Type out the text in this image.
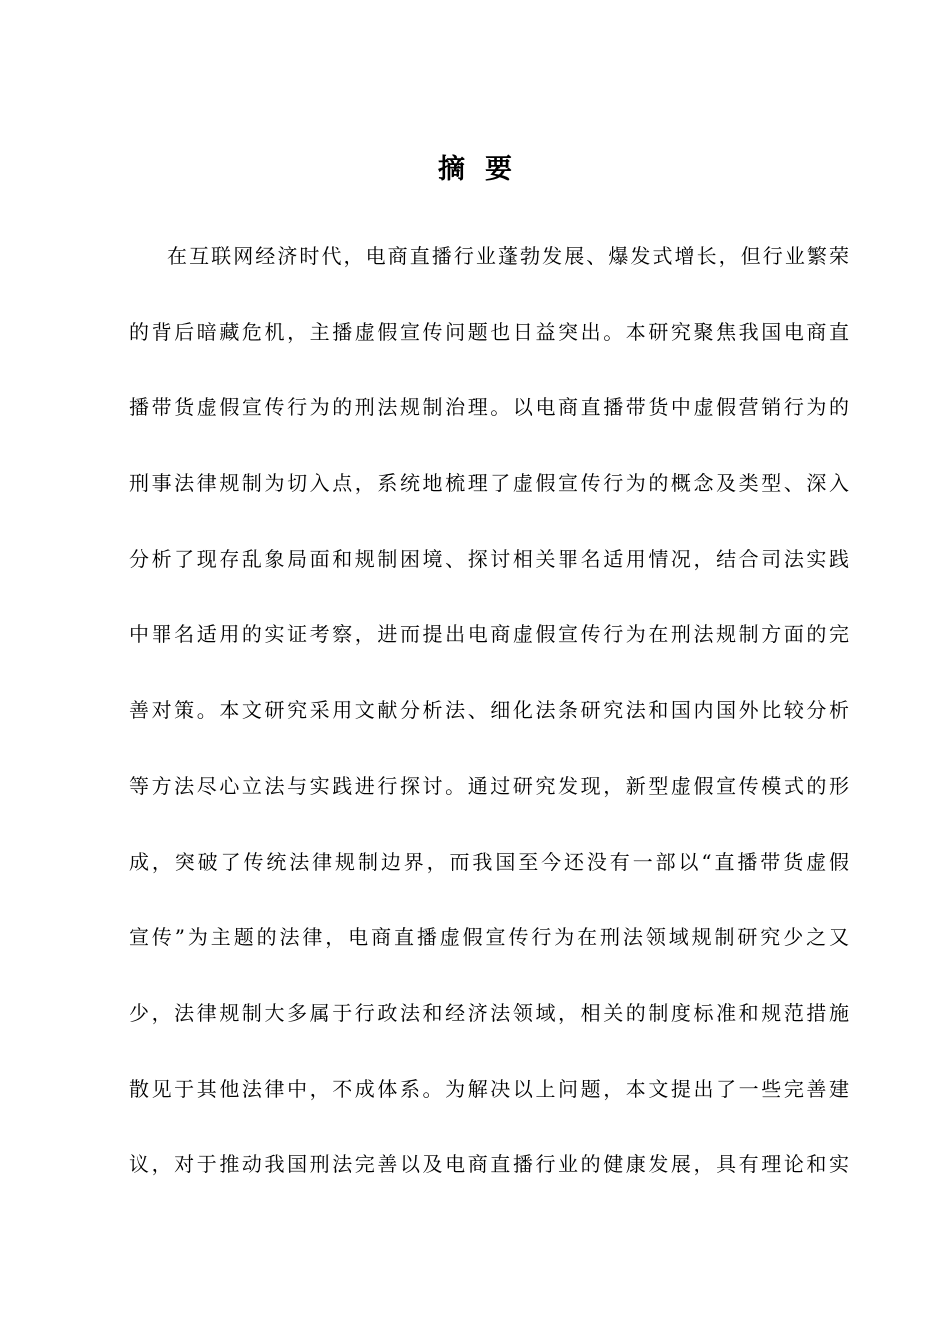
摘要
在互联网经济时代，电商直播行业蓬勃发展、爆发式增长，但行业繁荣
的背后暗藏危机，主播虚假宣传问题也日益突出。本研究聚焦我国电商直
播带货虚假宣传行为的刑法规制治理。以电商直播带货中虚假营销行为的
刑事法律规制为切入点，系统地梳理了虚假宣传行为的概念及类型、深入
分析了现存乱象局面和规制困境、探讨相关罪名适用情况，结合司法实践
中罪名适用的实证考察，进而提出电商虚假宣传行为在刑法规制方面的完
善对策。本文研究采用文献分析法、细化法条研究法和国内国外比较分析
等方法尽心立法与实践进行探讨。通过研究发现，新型虚假宣传模式的形
成，突破了传统法律规制边界，而我国至今还没有一部以“直播带货虚假
宣传”为主题的法律，电商直播虚假宣传行为在刑法领域规制研究少之又
少，法律规制大多属于行政法和经济法领域，相关的制度标准和规范措施
散见于其他法律中，不成体系。为解决以上问题，本文提出了一些完善建
议，对于推动我国刑法完善以及电商直播行业的健康发展，具有理论和实
